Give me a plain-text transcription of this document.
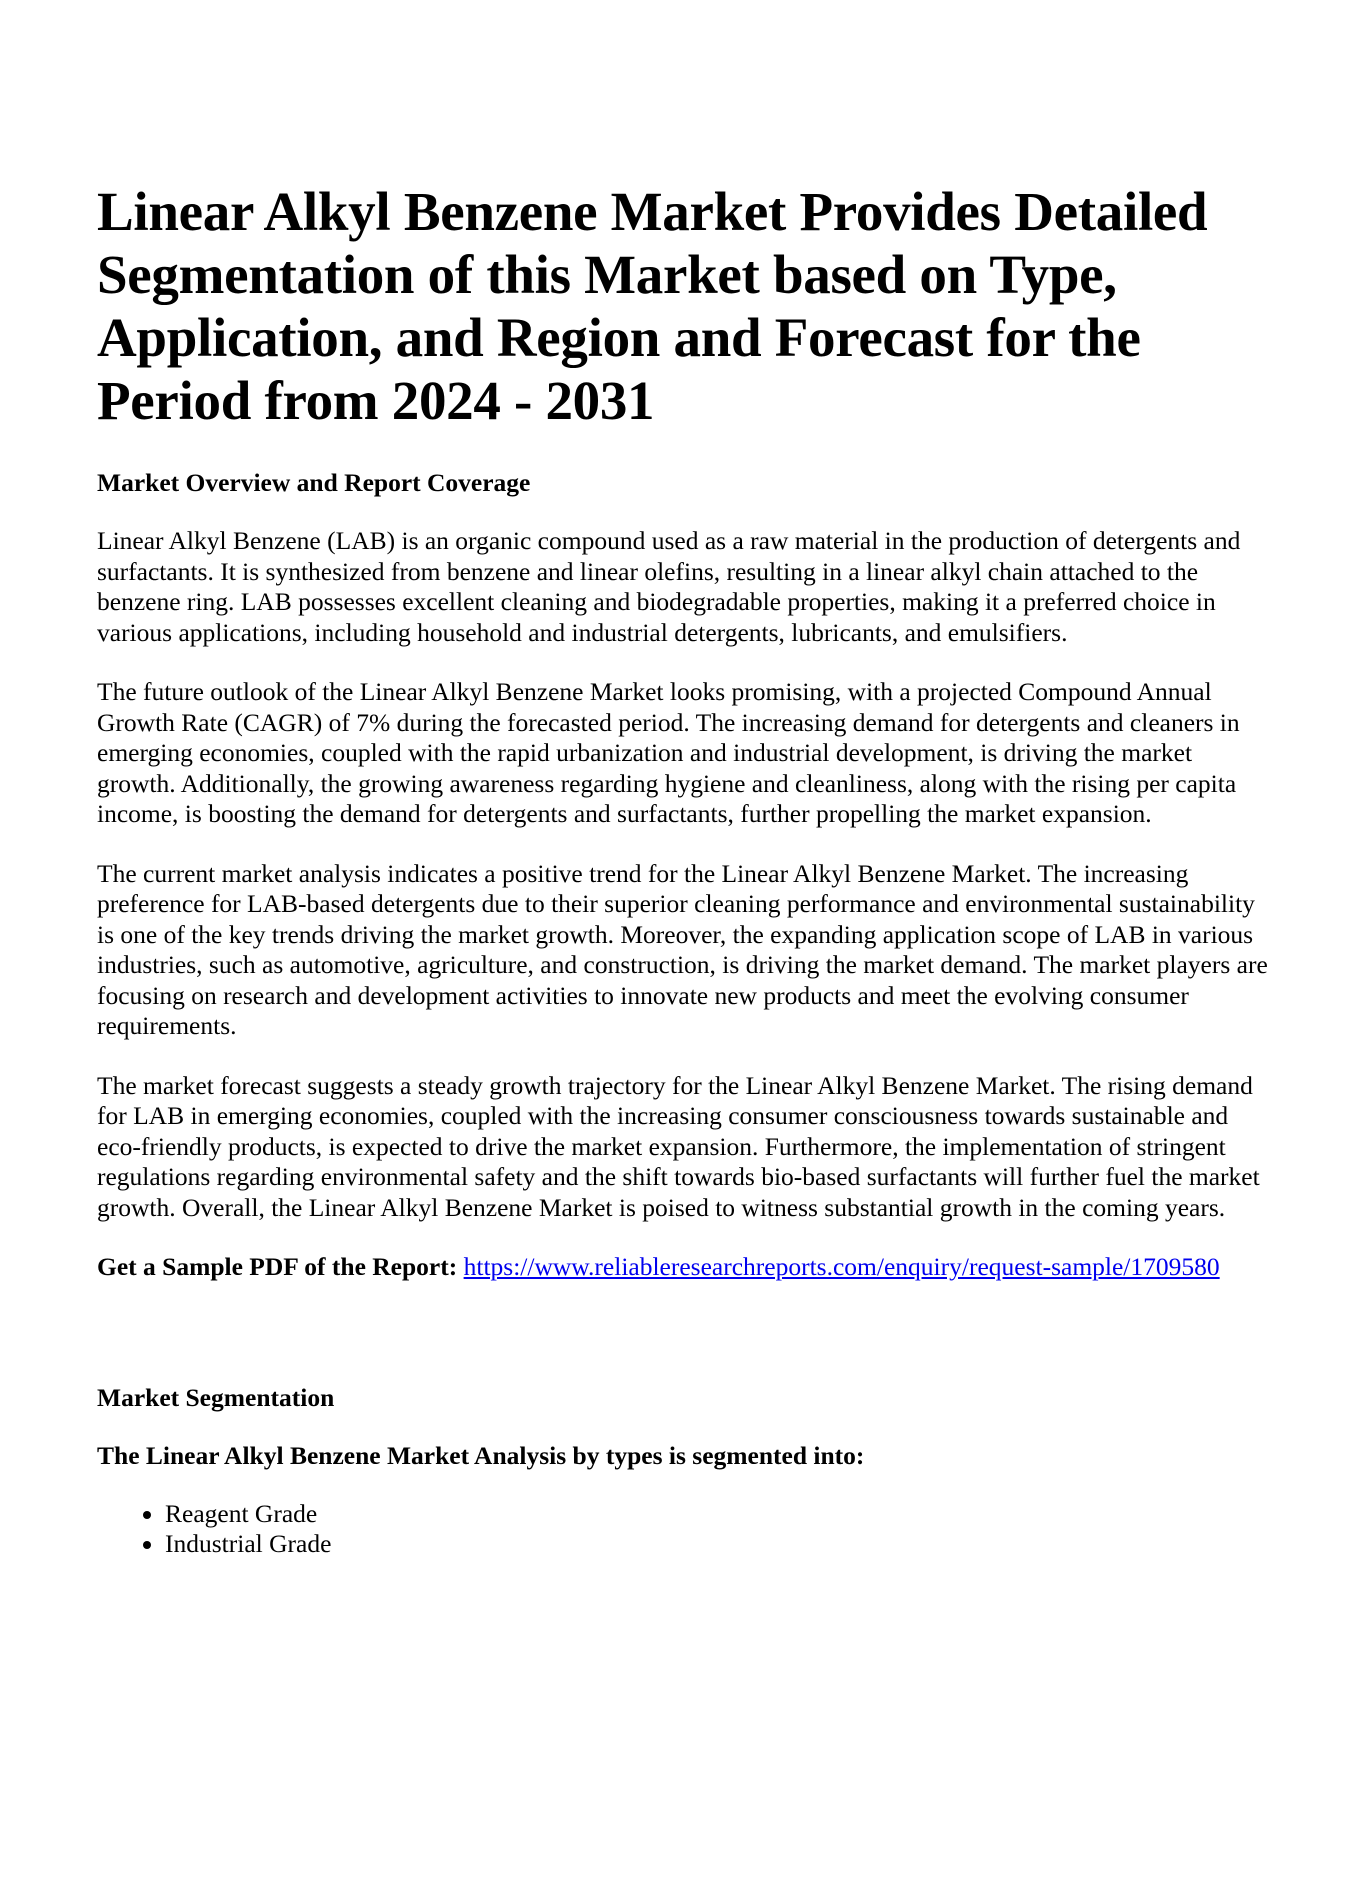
Linear Alkyl Benzene Market Provides Detailed Segmentation of this Market based on Type, Application, and Region and Forecast for the Period from 2024 - 2031
Market Overview and Report Coverage

Linear Alkyl Benzene (LAB) is an organic compound used as a raw material in the production of detergents and surfactants. It is synthesized from benzene and linear olefins, resulting in a linear alkyl chain attached to the benzene ring. LAB possesses excellent cleaning and biodegradable properties, making it a preferred choice in various applications, including household and industrial detergents, lubricants, and emulsifiers.

The future outlook of the Linear Alkyl Benzene Market looks promising, with a projected Compound Annual Growth Rate (CAGR) of 7% during the forecasted period. The increasing demand for detergents and cleaners in emerging economies, coupled with the rapid urbanization and industrial development, is driving the market growth. Additionally, the growing awareness regarding hygiene and cleanliness, along with the rising per capita income, is boosting the demand for detergents and surfactants, further propelling the market expansion.

The current market analysis indicates a positive trend for the Linear Alkyl Benzene Market. The increasing preference for LAB-based detergents due to their superior cleaning performance and environmental sustainability is one of the key trends driving the market growth. Moreover, the expanding application scope of LAB in various industries, such as automotive, agriculture, and construction, is driving the market demand. The market players are focusing on research and development activities to innovate new products and meet the evolving consumer requirements.

The market forecast suggests a steady growth trajectory for the Linear Alkyl Benzene Market. The rising demand for LAB in emerging economies, coupled with the increasing consumer consciousness towards sustainable and eco-friendly products, is expected to drive the market expansion. Furthermore, the implementation of stringent regulations regarding environmental safety and the shift towards bio-based surfactants will further fuel the market growth. Overall, the Linear Alkyl Benzene Market is poised to witness substantial growth in the coming years.

Get a Sample PDF of the Report: https://www.reliableresearchreports.com/enquiry/request-sample/1709580

Market Segmentation
The Linear Alkyl Benzene Market Analysis by types is segmented into:
• Reagent Grade
• Industrial Grade
